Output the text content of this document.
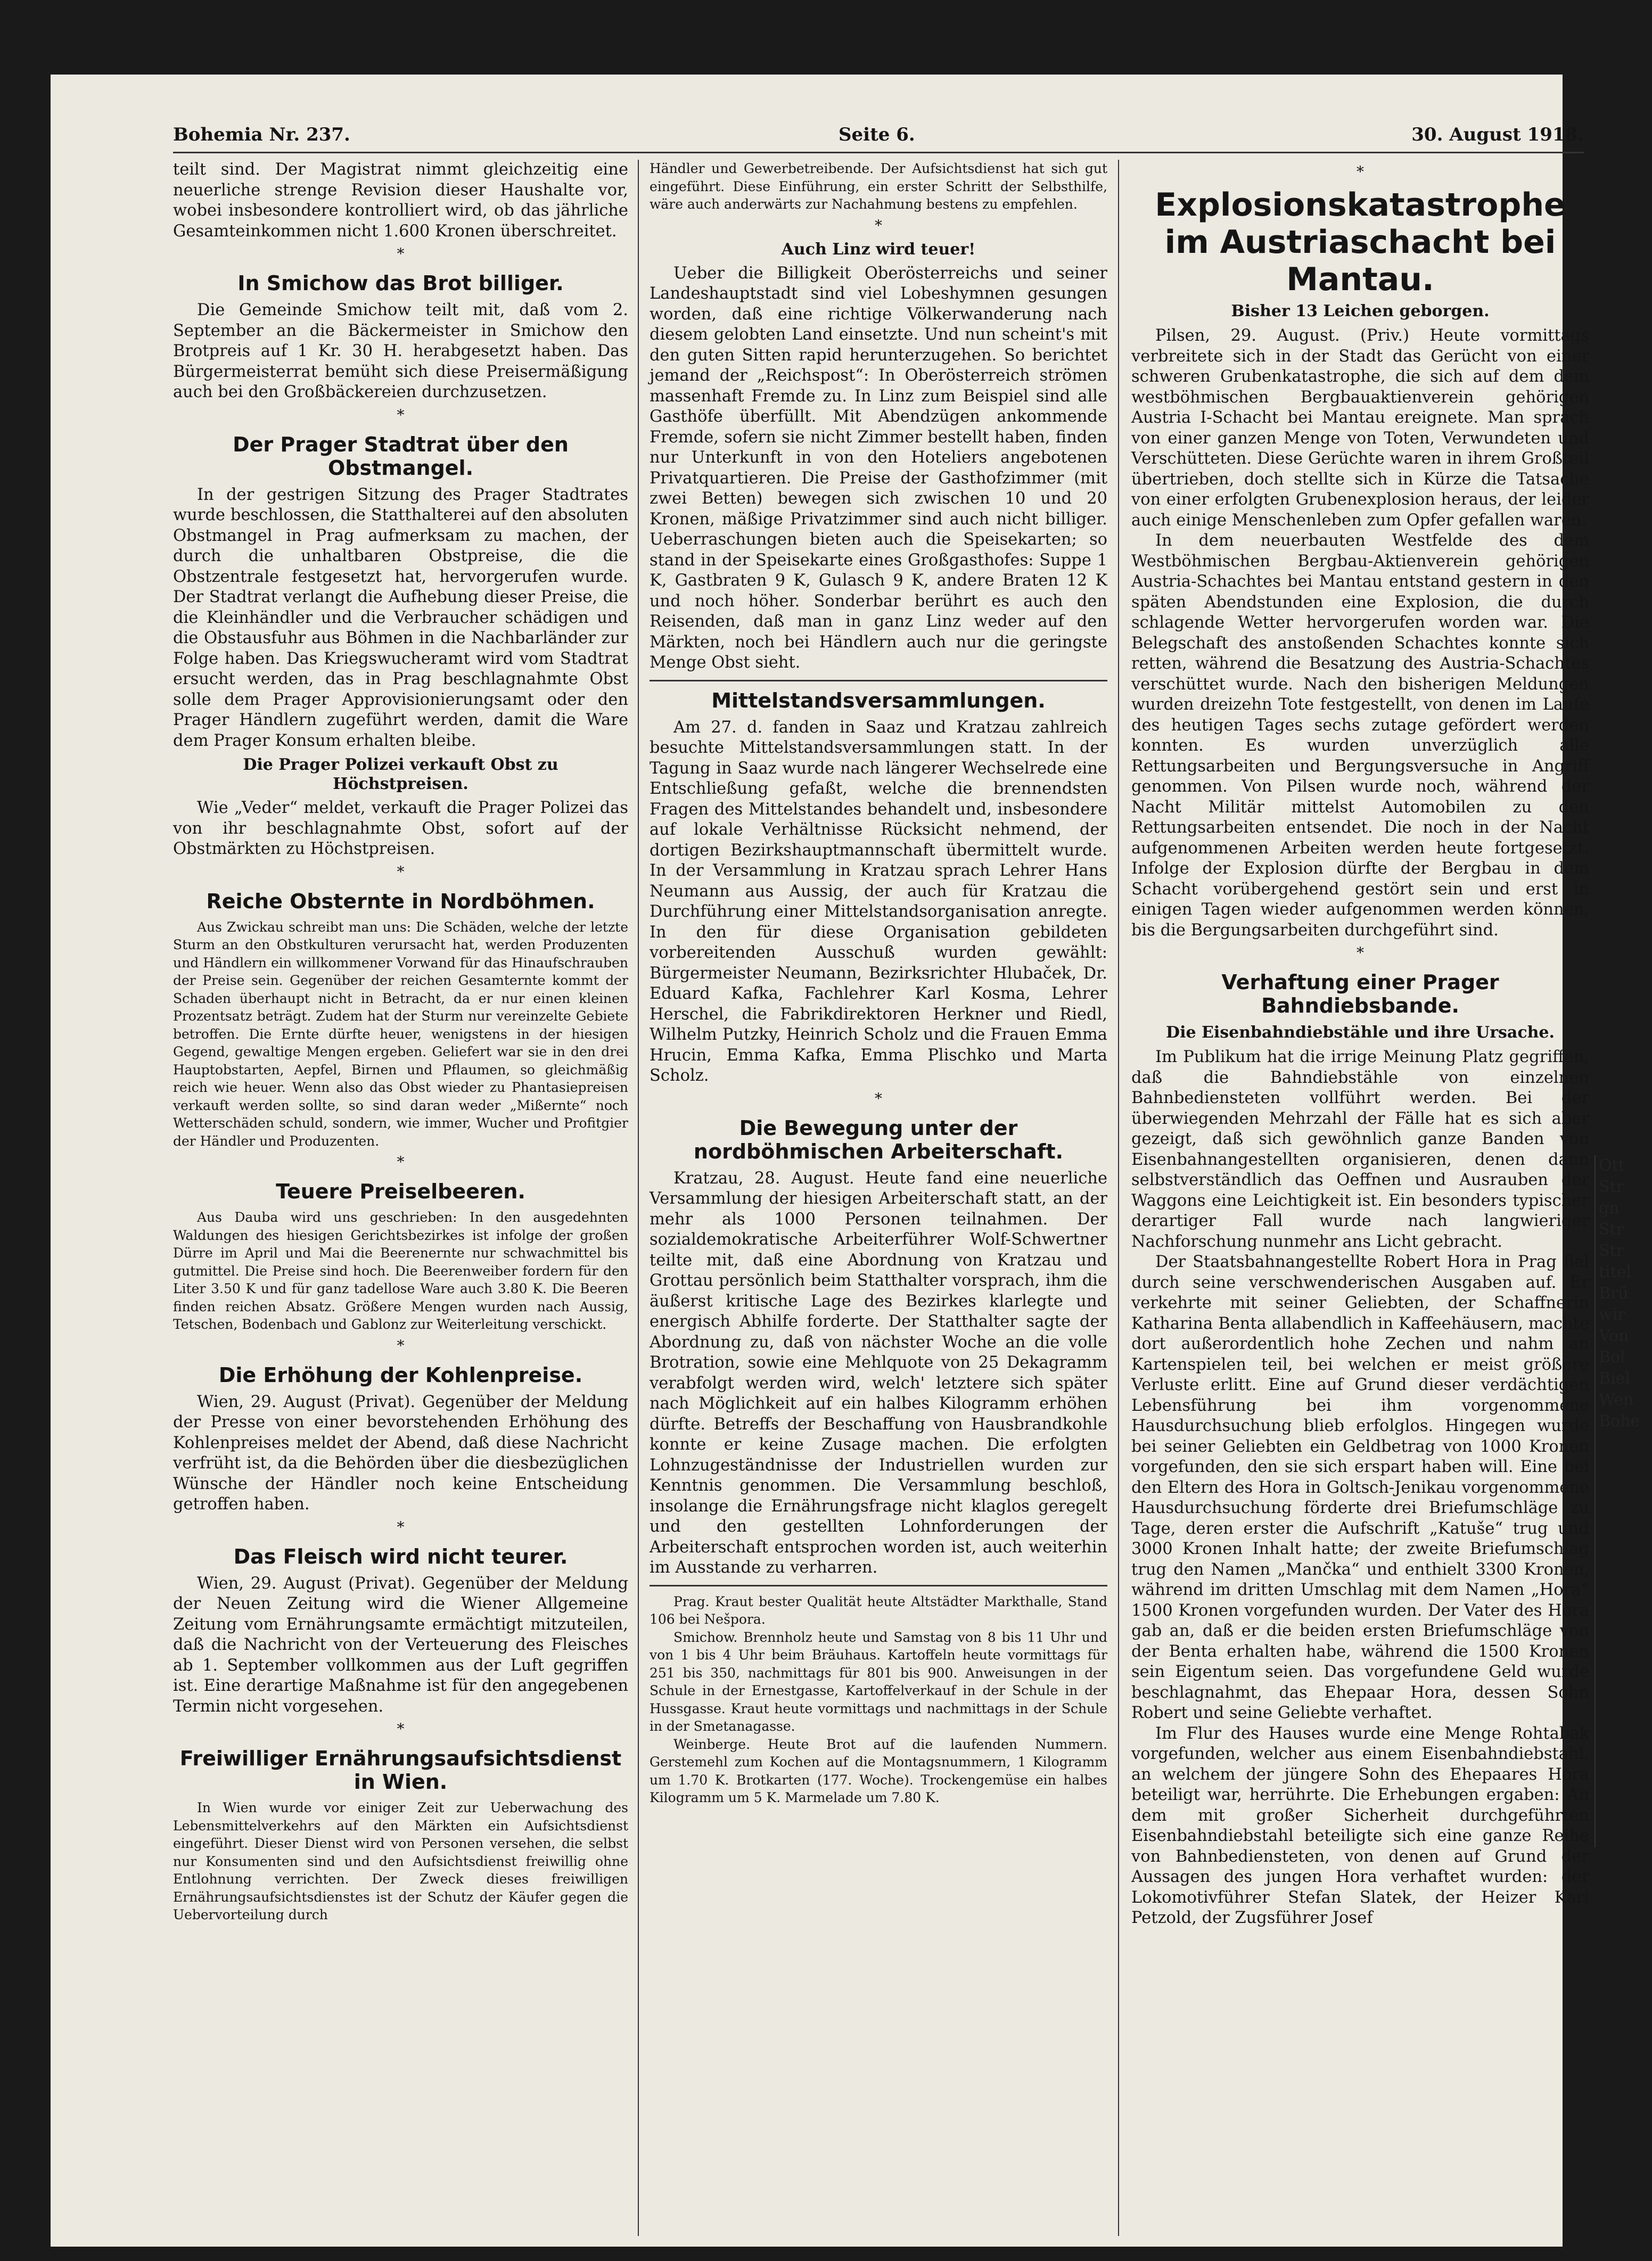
Bohemia Nr. 237.	Seite 6.	30. August 1918.

teilt sind. Der Magistrat nimmt gleichzeitig eine neuerliche strenge Revision dieser Haushalte vor, wobei insbesondere kontrolliert wird, ob das jährliche Gesamteinkommen nicht 1.600 Kronen überschreitet.

*
In Smichow das Brot billiger.

Die Gemeinde Smichow teilt mit, daß vom 2. September an die Bäckermeister in Smichow den Brotpreis auf 1 Kr. 30 H. herabgesetzt haben. Das Bürgermeisterrat bemüht sich diese Preisermäßigung auch bei den Großbäckereien durchzusetzen.

*
Der Prager Stadtrat über den Obstmangel.

In der gestrigen Sitzung des Prager Stadtrates wurde beschlossen, die Statthalterei auf den absoluten Obstmangel in Prag aufmerksam zu machen, der durch die unhaltbaren Obstpreise, die die Obstzentrale festgesetzt hat, hervorgerufen wurde. Der Stadtrat verlangt die Aufhebung dieser Preise, die die Kleinhändler und die Verbraucher schädigen und die Obstausfuhr aus Böhmen in die Nachbarländer zur Folge haben. Das Kriegswucheramt wird vom Stadtrat ersucht werden, das in Prag beschlagnahmte Obst solle dem Prager Approvisionierungsamt oder den Prager Händlern zugeführt werden, damit die Ware dem Prager Konsum erhalten bleibe.

Die Prager Polizei verkauft Obst zu Höchstpreisen.

Wie „Veder“ meldet, verkauft die Prager Polizei das von ihr beschlagnahmte Obst, sofort auf der Obstmärkten zu Höchstpreisen.

*
Reiche Obsternte in Nordböhmen.

Aus Zwickau schreibt man uns: Die Schäden, welche der letzte Sturm an den Obstkulturen verursacht hat, werden Produzenten und Händlern ein willkommener Vorwand für das Hinaufschrauben der Preise sein. Gegenüber der reichen Gesamternte kommt der Schaden überhaupt nicht in Betracht, da er nur einen kleinen Prozentsatz beträgt. Zudem hat der Sturm nur vereinzelte Gebiete betroffen. Die Ernte dürfte heuer, wenigstens in der hiesigen Gegend, gewaltige Mengen ergeben. Geliefert war sie in den drei Hauptobstarten, Aepfel, Birnen und Pflaumen, so gleichmäßig reich wie heuer. Wenn also das Obst wieder zu Phantasiepreisen verkauft werden sollte, so sind daran weder „Mißernte“ noch Wetterschäden schuld, sondern, wie immer, Wucher und Profitgier der Händler und Produzenten.

*
Teuere Preiselbeeren.

Aus Dauba wird uns geschrieben: In den ausgedehnten Waldungen des hiesigen Gerichtsbezirkes ist infolge der großen Dürre im April und Mai die Beerenernte nur schwachmittel bis gutmittel. Die Preise sind hoch. Die Beerenweiber fordern für den Liter 3.50 K und für ganz tadellose Ware auch 3.80 K. Die Beeren finden reichen Absatz. Größere Mengen wurden nach Aussig, Tetschen, Bodenbach und Gablonz zur Weiterleitung verschickt.

*
Die Erhöhung der Kohlenpreise.

Wien, 29. August (Privat). Gegenüber der Meldung der Presse von einer bevorstehenden Erhöhung des Kohlenpreises meldet der Abend, daß diese Nachricht verfrüht ist, da die Behörden über die diesbezüglichen Wünsche der Händler noch keine Entscheidung getroffen haben.

*
Das Fleisch wird nicht teurer.

Wien, 29. August (Privat). Gegenüber der Meldung der Neuen Zeitung wird die Wiener Allgemeine Zeitung vom Ernährungsamte ermächtigt mitzuteilen, daß die Nachricht von der Verteuerung des Fleisches ab 1. September vollkommen aus der Luft gegriffen ist. Eine derartige Maßnahme ist für den angegebenen Termin nicht vorgesehen.

*
Freiwilliger Ernährungsaufsichtsdienst in Wien.

In Wien wurde vor einiger Zeit zur Ueberwachung des Lebensmittelverkehrs auf den Märkten ein Aufsichtsdienst eingeführt. Dieser Dienst wird von Personen versehen, die selbst nur Konsumenten sind und den Aufsichtsdienst freiwillig ohne Entlohnung verrichten. Der Zweck dieses freiwilligen Ernährungsaufsichtsdienstes ist der Schutz der Käufer gegen die Uebervorteilung durch

Händler und Gewerbetreibende. Der Aufsichtsdienst hat sich gut eingeführt. Diese Einführung, ein erster Schritt der Selbsthilfe, wäre auch anderwärts zur Nachahmung bestens zu empfehlen.

*
Auch Linz wird teuer!

Ueber die Billigkeit Oberösterreichs und seiner Landeshauptstadt sind viel Lobeshymnen gesungen worden, daß eine richtige Völkerwanderung nach diesem gelobten Land einsetzte. Und nun scheint's mit den guten Sitten rapid herunterzugehen. So berichtet jemand der „Reichspost“: In Oberösterreich strömen massenhaft Fremde zu. In Linz zum Beispiel sind alle Gasthöfe überfüllt. Mit Abendzügen ankommende Fremde, sofern sie nicht Zimmer bestellt haben, finden nur Unterkunft in von den Hoteliers angebotenen Privatquartieren. Die Preise der Gasthofzimmer (mit zwei Betten) bewegen sich zwischen 10 und 20 Kronen, mäßige Privatzimmer sind auch nicht billiger. Ueberraschungen bieten auch die Speisekarten; so stand in der Speisekarte eines Großgasthofes: Suppe 1 K, Gastbraten 9 K, Gulasch 9 K, andere Braten 12 K und noch höher. Sonderbar berührt es auch den Reisenden, daß man in ganz Linz weder auf den Märkten, noch bei Händlern auch nur die geringste Menge Obst sieht.

Mittelstandsversammlungen.

Am 27. d. fanden in Saaz und Kratzau zahlreich besuchte Mittelstandsversammlungen statt. In der Tagung in Saaz wurde nach längerer Wechselrede eine Entschließung gefaßt, welche die brennendsten Fragen des Mittelstandes behandelt und, insbesondere auf lokale Verhältnisse Rücksicht nehmend, der dortigen Bezirkshauptmannschaft übermittelt wurde. In der Versammlung in Kratzau sprach Lehrer Hans Neumann aus Aussig, der auch für Kratzau die Durchführung einer Mittelstandsorganisation anregte. In den für diese Organisation gebildeten vorbereitenden Ausschuß wurden gewählt: Bürgermeister Neumann, Bezirksrichter Hlubaček, Dr. Eduard Kafka, Fachlehrer Karl Kosma, Lehrer Herschel, die Fabrikdirektoren Herkner und Riedl, Wilhelm Putzky, Heinrich Scholz und die Frauen Emma Hrucin, Emma Kafka, Emma Plischko und Marta Scholz.

*
Die Bewegung unter der nordböhmischen Arbeiterschaft.

Kratzau, 28. August. Heute fand eine neuerliche Versammlung der hiesigen Arbeiterschaft statt, an der mehr als 1000 Personen teilnahmen. Der sozialdemokratische Arbeiterführer Wolf-Schwertner teilte mit, daß eine Abordnung von Kratzau und Grottau persönlich beim Statthalter vorsprach, ihm die äußerst kritische Lage des Bezirkes klarlegte und energisch Abhilfe forderte. Der Statthalter sagte der Abordnung zu, daß von nächster Woche an die volle Brotration, sowie eine Mehlquote von 25 Dekagramm verabfolgt werden wird, welch' letztere sich später nach Möglichkeit auf ein halbes Kilogramm erhöhen dürfte. Betreffs der Beschaffung von Hausbrandkohle konnte er keine Zusage machen. Die erfolgten Lohnzugeständnisse der Industriellen wurden zur Kenntnis genommen. Die Versammlung beschloß, insolange die Ernährungsfrage nicht klaglos geregelt und den gestellten Lohnforderungen der Arbeiterschaft entsprochen worden ist, auch weiterhin im Ausstande zu verharren.

Prag. Kraut bester Qualität heute Altstädter Markthalle, Stand 106 bei Nešpora.

Smichow. Brennholz heute und Samstag von 8 bis 11 Uhr und von 1 bis 4 Uhr beim Bräuhaus. Kartoffeln heute vormittags für 251 bis 350, nachmittags für 801 bis 900. Anweisungen in der Schule in der Ernestgasse, Kartoffelverkauf in der Schule in der Hussgasse. Kraut heute vormittags und nachmittags in der Schule in der Smetanagasse.

Weinberge. Heute Brot auf die laufenden Nummern. Gerstemehl zum Kochen auf die Montagsnummern, 1 Kilogramm um 1.70 K. Brotkarten (177. Woche). Trockengemüse ein halbes Kilogramm um 5 K. Marmelade um 7.80 K.

*
Explosionskatastrophe im Austriaschacht bei Mantau.
Bisher 13 Leichen geborgen.

Pilsen, 29. August. (Priv.) Heute vormittags verbreitete sich in der Stadt das Gerücht von einer schweren Grubenkatastrophe, die sich auf dem dem westböhmischen Bergbauaktienverein gehörigen Austria I-Schacht bei Mantau ereignete. Man sprach von einer ganzen Menge von Toten, Verwundeten und Verschütteten. Diese Gerüchte waren in ihrem Großteil übertrieben, doch stellte sich in Kürze die Tatsache von einer erfolgten Grubenexplosion heraus, der leider auch einige Menschenleben zum Opfer gefallen waren.

In dem neuerbauten Westfelde des dem Westböhmischen Bergbau-Aktienverein gehörigen Austria-Schachtes bei Mantau entstand gestern in den späten Abendstunden eine Explosion, die durch schlagende Wetter hervorgerufen worden war. Die Belegschaft des anstoßenden Schachtes konnte sich retten, während die Besatzung des Austria-Schachtes verschüttet wurde. Nach den bisherigen Meldungen wurden dreizehn Tote festgestellt, von denen im Laufe des heutigen Tages sechs zutage gefördert werden konnten. Es wurden unverzüglich alle Rettungsarbeiten und Bergungsversuche in Angriff genommen. Von Pilsen wurde noch, während der Nacht Militär mittelst Automobilen zu den Rettungsarbeiten entsendet. Die noch in der Nacht aufgenommenen Arbeiten werden heute fortgesetzt. Infolge der Explosion dürfte der Bergbau in dem Schacht vorübergehend gestört sein und erst in einigen Tagen wieder aufgenommen werden können, bis die Bergungsarbeiten durchgeführt sind.

*
Verhaftung einer Prager Bahndiebsbande.
Die Eisenbahndiebstähle und ihre Ursache.

Im Publikum hat die irrige Meinung Platz gegriffen, daß die Bahndiebstähle von einzelnen Bahnbediensteten vollführt werden. Bei der überwiegenden Mehrzahl der Fälle hat es sich aber gezeigt, daß sich gewöhnlich ganze Banden von Eisenbahnangestellten organisieren, denen dann selbstverständlich das Oeffnen und Ausrauben der Waggons eine Leichtigkeit ist. Ein besonders typischer derartiger Fall wurde nach langwieriger Nachforschung nunmehr ans Licht gebracht.

Der Staatsbahnangestellte Robert Hora in Prag fiel durch seine verschwenderischen Ausgaben auf. Er verkehrte mit seiner Geliebten, der Schaffnerin Katharina Benta allabendlich in Kaffeehäusern, machte dort außerordentlich hohe Zechen und nahm an Kartenspielen teil, bei welchen er meist größere Verluste erlitt. Eine auf Grund dieser verdächtigen Lebensführung bei ihm vorgenommene Hausdurchsuchung blieb erfolglos. Hingegen wurde bei seiner Geliebten ein Geldbetrag von 1000 Kronen vorgefunden, den sie sich erspart haben will. Eine bei den Eltern des Hora in Goltsch-Jenikau vorgenommene Hausdurchsuchung förderte drei Briefumschläge zu Tage, deren erster die Aufschrift „Katuše“ trug und 3000 Kronen Inhalt hatte; der zweite Briefumschlag trug den Namen „Mančka“ und enthielt 3300 Kronen, während im dritten Umschlag mit dem Namen „Hora“ 1500 Kronen vorgefunden wurden. Der Vater des Hora gab an, daß er die beiden ersten Briefumschläge von der Benta erhalten habe, während die 1500 Kronen sein Eigentum seien. Das vorgefundene Geld wurde beschlagnahmt, das Ehepaar Hora, dessen Sohn Robert und seine Geliebte verhaftet.

Im Flur des Hauses wurde eine Menge Rohtabak vorgefunden, welcher aus einem Eisenbahndiebstahl, an welchem der jüngere Sohn des Ehepaares Hora beteiligt war, herrührte. Die Erhebungen ergaben: An dem mit großer Sicherheit durchgeführten Eisenbahndiebstahl beteiligte sich eine ganze Reihe von Bahnbediensteten, von denen auf Grund der Aussagen des jungen Hora verhaftet wurden: der Lokomotivführer Stefan Slatek, der Heizer Karl Petzold, der Zugsführer Josef

Ott
Str
gn
Str
Str
titel
Brü
wir
Von
Bol
Biel
Wen
Bohe
